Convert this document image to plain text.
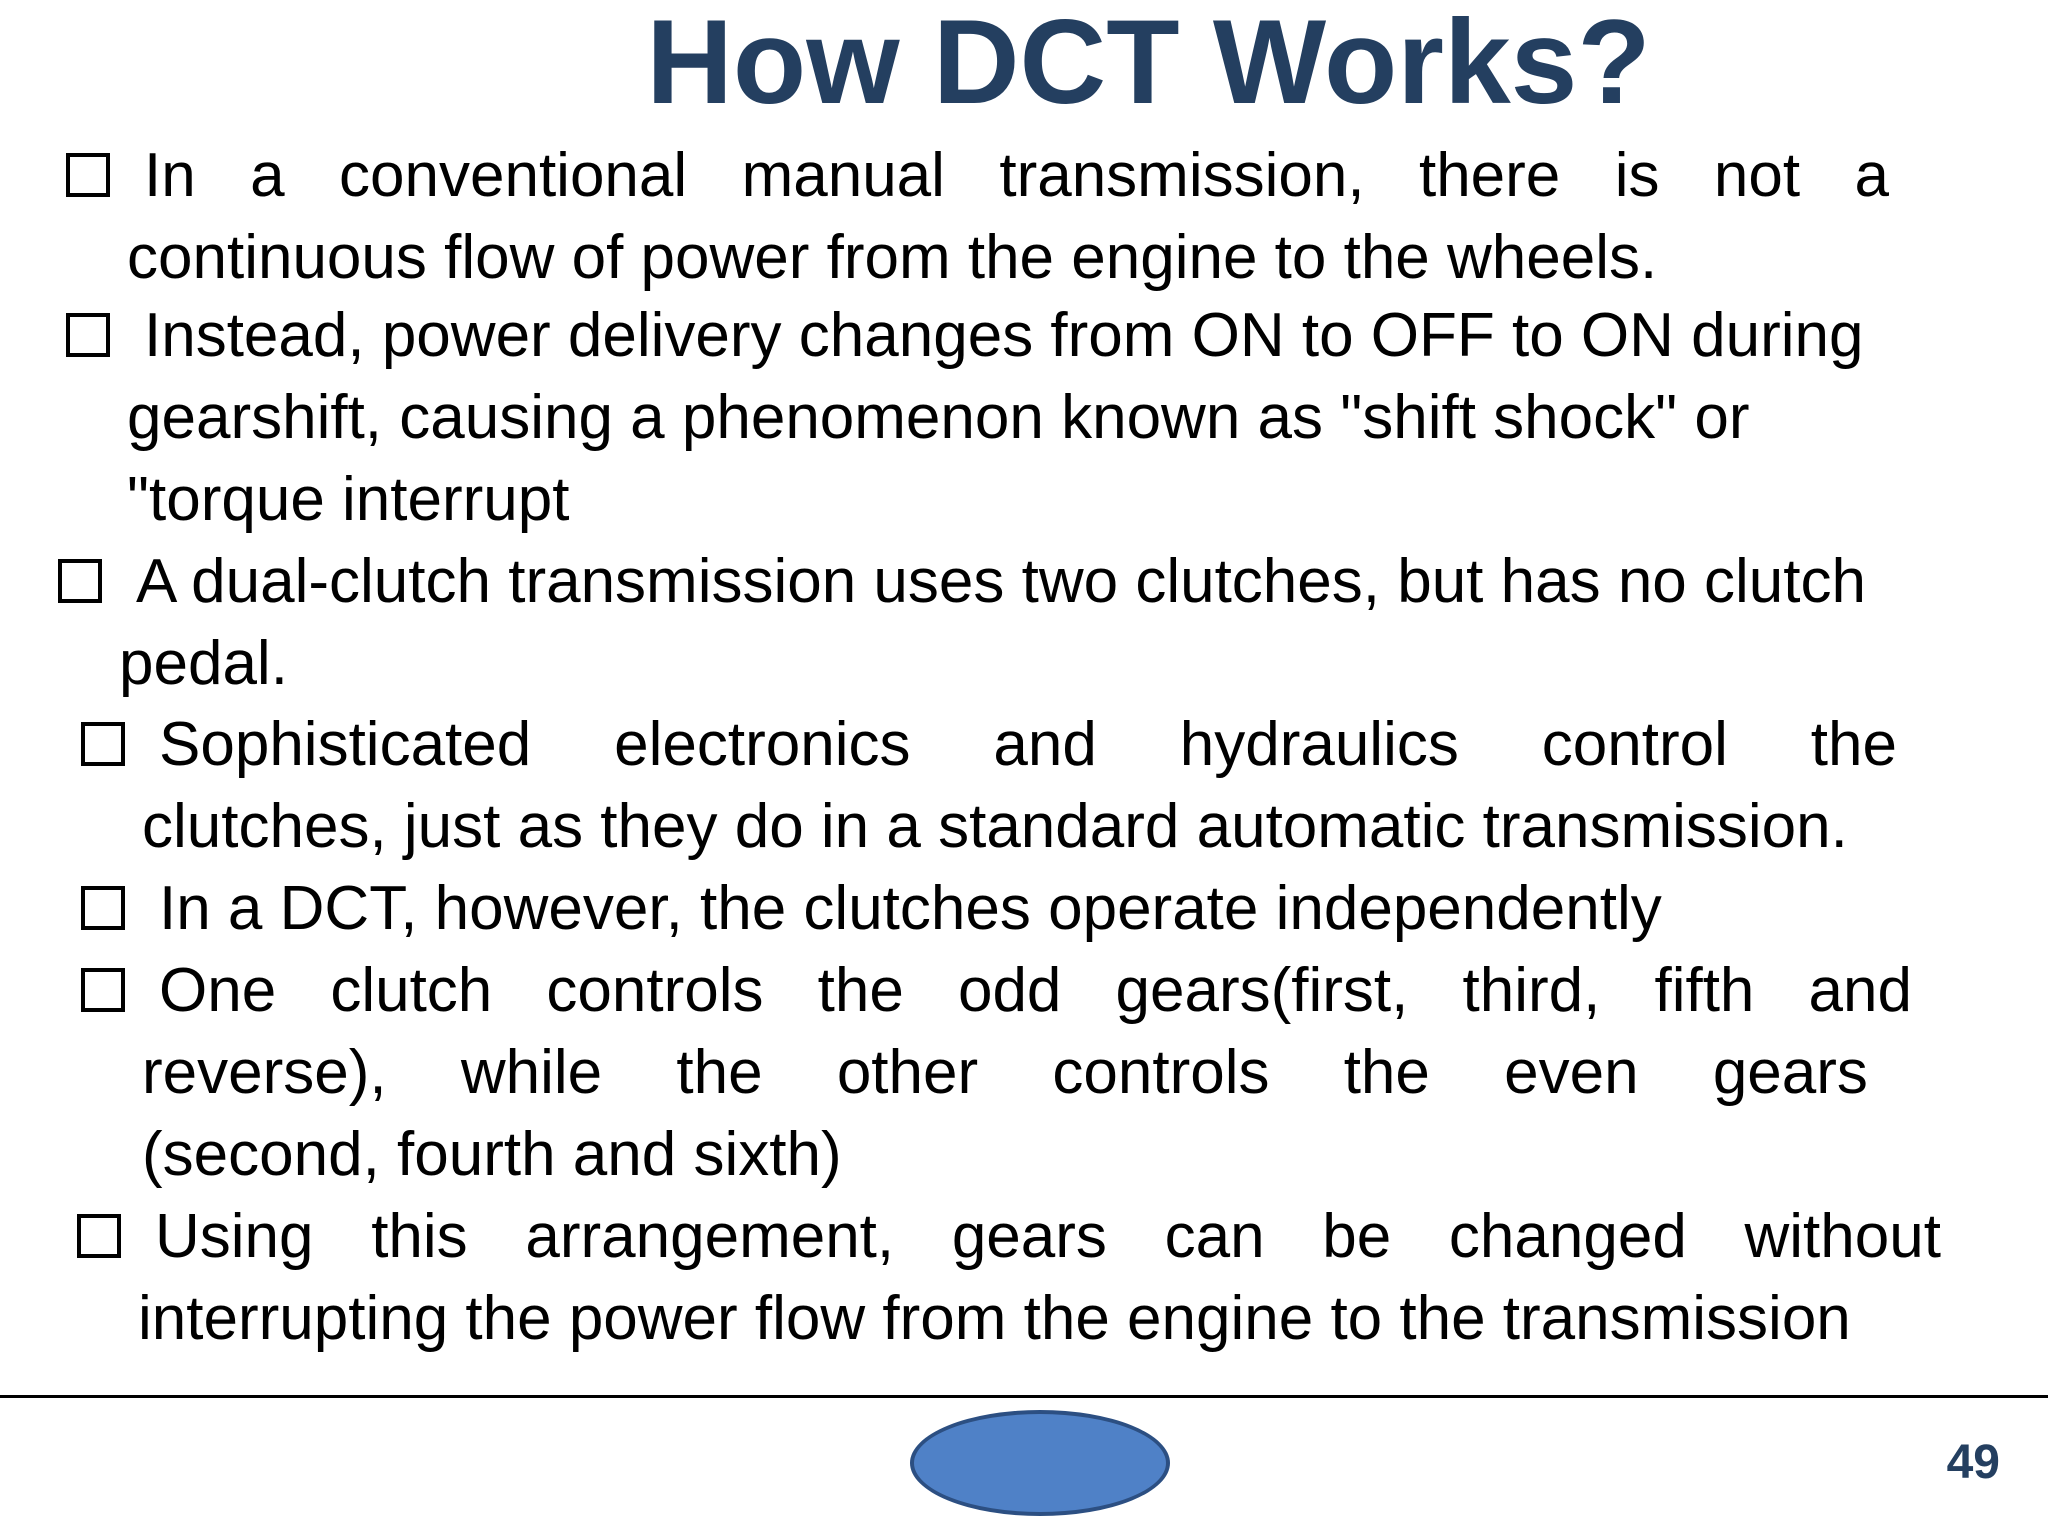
How DCT Works?
In a conventional manual transmission, there is not a
continuous flow of power from the engine to the wheels.
Instead, power delivery changes from ON to OFF to ON during
gearshift, causing a phenomenon known as "shift shock" or
"torque interrupt
A dual-clutch transmission uses two clutches, but has no clutch
pedal.
Sophisticated electronics and hydraulics control the
clutches, just as they do in a standard automatic transmission.
In a DCT, however, the clutches operate independently
One clutch controls the odd gears(first, third, fifth and
reverse), while the other controls the even gears
(second, fourth and sixth)
Using this arrangement, gears can be changed without
interrupting the power flow from the engine to the transmission
49
